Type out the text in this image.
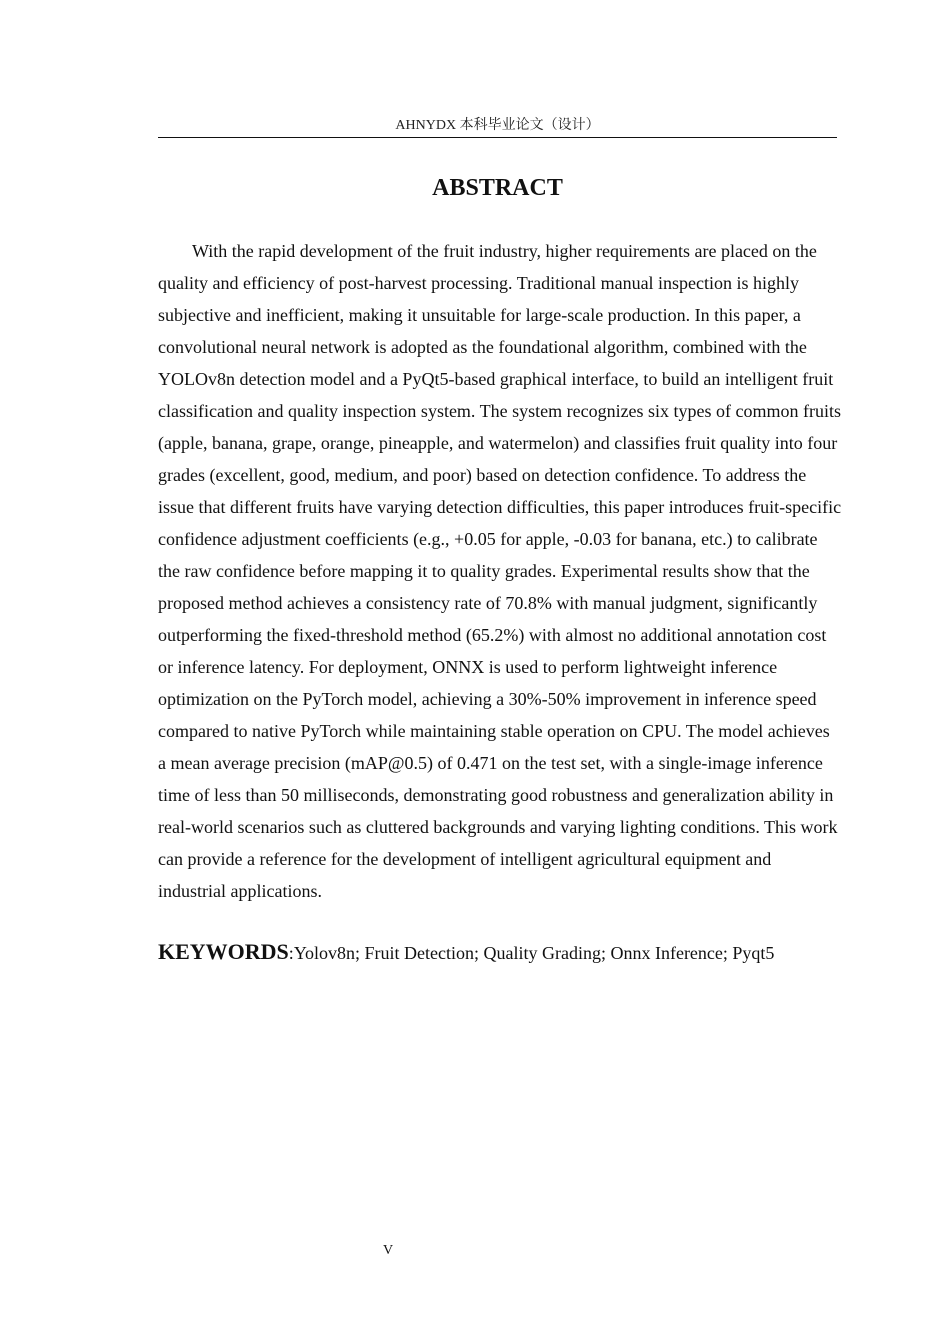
AHNYDX 本科毕业论文（设计）
ABSTRACT

With the rapid development of the fruit industry, higher requirements are placed on the quality and efficiency of post-harvest processing. Traditional manual inspection is highly subjective and inefficient, making it unsuitable for large-scale production. In this paper, a convolutional neural network is adopted as the foundational algorithm, combined with the YOLOv8n detection model and a PyQt5-based graphical interface, to build an intelligent fruit classification and quality inspection system. The system recognizes six types of common fruits (apple, banana, grape, orange, pineapple, and watermelon) and classifies fruit quality into four grades (excellent, good, medium, and poor) based on detection confidence. To address the issue that different fruits have varying detection difficulties, this paper introduces fruit-specific confidence adjustment coefficients (e.g., +0.05 for apple, -0.03 for banana, etc.) to calibrate the raw confidence before mapping it to quality grades. Experimental results show that the proposed method achieves a consistency rate of 70.8% with manual judgment, significantly outperforming the fixed-threshold method (65.2%) with almost no additional annotation cost or inference latency. For deployment, ONNX is used to perform lightweight inference optimization on the PyTorch model, achieving a 30%-50% improvement in inference speed compared to native PyTorch while maintaining stable operation on CPU. The model achieves a mean average precision (mAP@0.5) of 0.471 on the test set, with a single-image inference time of less than 50 milliseconds, demonstrating good robustness and generalization ability in real-world scenarios such as cluttered backgrounds and varying lighting conditions. This work can provide a reference for the development of intelligent agricultural equipment and industrial applications.

KEYWORDS:Yolov8n; Fruit Detection; Quality Grading; Onnx Inference; Pyqt5

V
